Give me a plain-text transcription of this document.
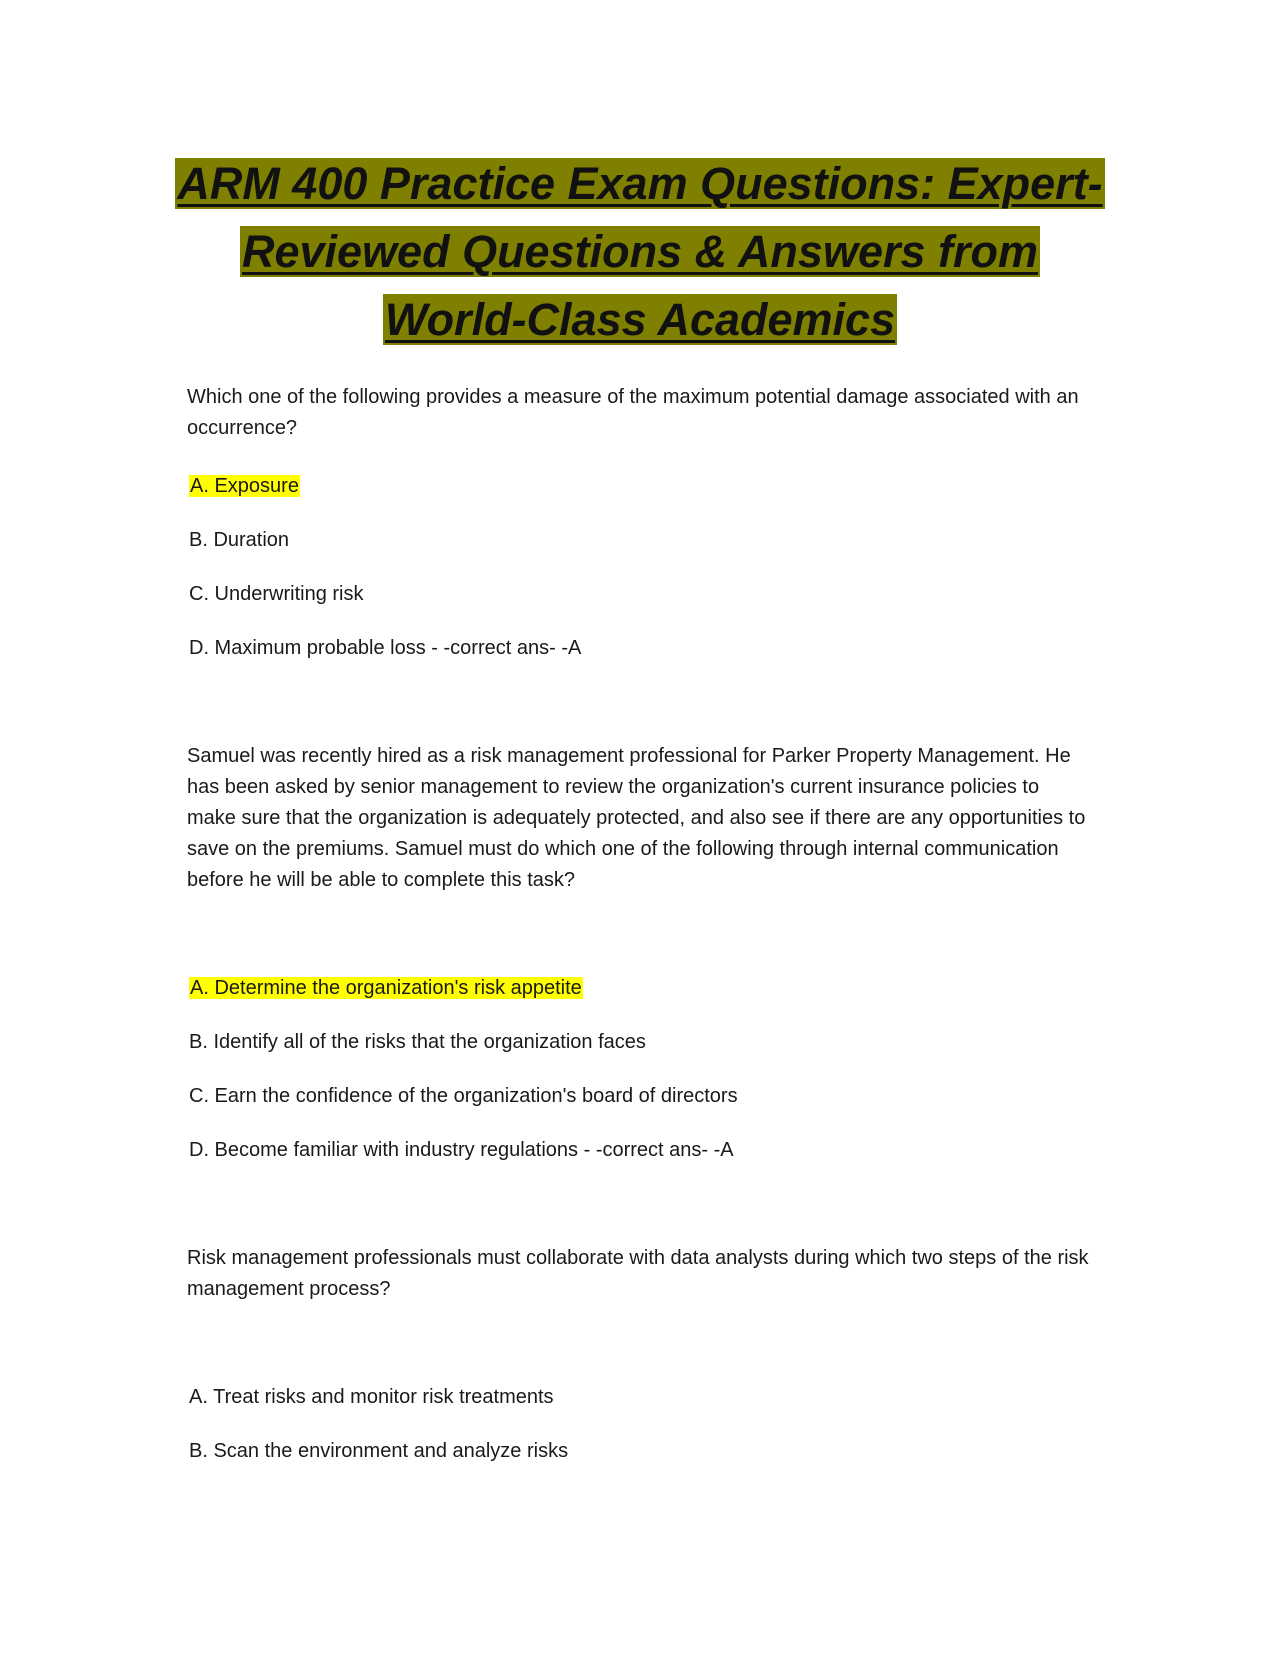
ARM 400 Practice Exam Questions: Expert-
Reviewed Questions & Answers from
World-Class Academics

Which one of the following provides a measure of the maximum potential damage associated with an occurrence?

A. Exposure

B. Duration

C. Underwriting risk

D. Maximum probable loss - -correct ans- -A

Samuel was recently hired as a risk management professional for Parker Property Management. He has been asked by senior management to review the organization's current insurance policies to make sure that the organization is adequately protected, and also see if there are any opportunities to save on the premiums. Samuel must do which one of the following through internal communication before he will be able to complete this task?

A. Determine the organization's risk appetite

B. Identify all of the risks that the organization faces

C. Earn the confidence of the organization's board of directors

D. Become familiar with industry regulations - -correct ans- -A

Risk management professionals must collaborate with data analysts during which two steps of the risk management process?

A. Treat risks and monitor risk treatments

B. Scan the environment and analyze risks
